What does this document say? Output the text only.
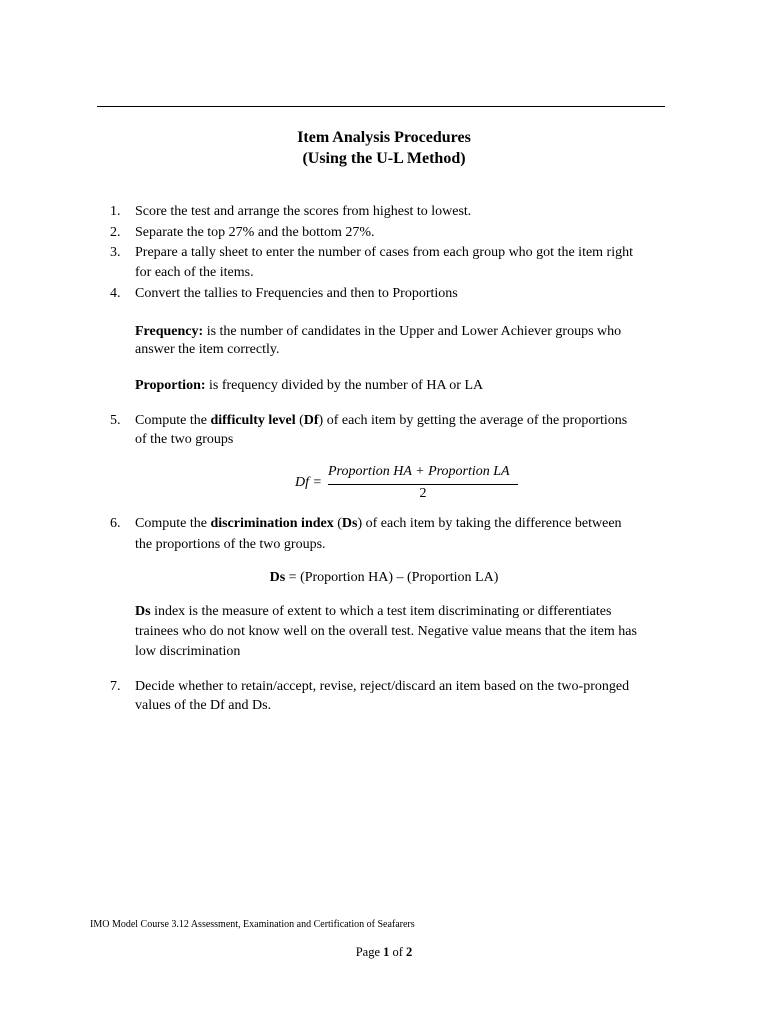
Item Analysis Procedures
(Using the U-L Method)
1.	Score the test and arrange the scores from highest to lowest.
2.	Separate the top 27% and the bottom 27%.
3.	Prepare a tally sheet to enter the number of cases from each group who got the item right
for each of the items.
4.	Convert the tallies to Frequencies and then to Proportions
Frequency: is the number of candidates in the Upper and Lower Achiever groups who
answer the item correctly.
Proportion: is frequency divided by the number of HA or LA
5.	Compute the difficulty level (Df) of each item by getting the average of the proportions
of the two groups
Df =
Proportion HA + Proportion LA
2
6.	Compute the discrimination index (Ds) of each item by taking the difference between
the proportions of the two groups.
Ds = (Proportion HA) – (Proportion LA)
Ds index is the measure of extent to which a test item discriminating or differentiates
trainees who do not know well on the overall test. Negative value means that the item has
low discrimination
7.	Decide whether to retain/accept, revise, reject/discard an item based on the two-pronged
values of the Df and Ds.
IMO Model Course 3.12 Assessment, Examination and Certification of Seafarers
Page 1 of 2
